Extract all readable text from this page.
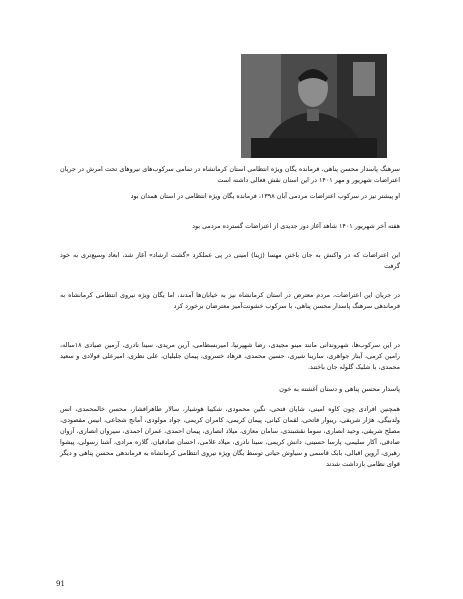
سرهنگ پاسدار محسن پناهی، فرمانده یگان ویژه انتظامی استان کرمانشاه در تمامی سرکوب‌های نیروهای تحت امرش در جریان اعتراضات شهریور و مهر ۱۴۰۱ در این استان نقش فعالی داشته است
او پیشتر نیز در سرکوب اعتراضات مردمی آبان ۱۳۹۸، فرمانده یگان ویژه انتظامی در استان همدان بود
هفته آخر شهریور ۱۴۰۱ شاهد آغاز دور جدیدی از اعتراضات گسترده مردمی بود
این اعتراضات که در واکنش به جان باختن مهسا (ژینا) امینی در پی عملکرد «گشت ارشاد» آغاز شد، ابعاد وسیع‌تری به خود گرفت
در جریان این اعتراضات، مردم معترض در استان کرمانشاه نیز به خیابان‌ها آمدند، اما یگان ویژه نیروی انتظامی کرمانشاه به فرماندهی سرهنگ پاسدار محسن پناهی، با سرکوب خشونت‌آمیز معترضان برخورد کرد
در این سرکوب‌ها، شهروندانی مانند مینو مجیدی، رضا شهپرنیا، امیربسطامی، آرین مریدی، سینا نادری، آرمین صیادی ۱۸ساله، رامین کرمی، آیناز جواهری، سارینا شیری، حسین محمدی، فرهاد خسروی، پیمان جلیلیان، علی نظری، امیرعلی فولادی و سعید محمدی، با شلیک گلوله جان باختند.
پاسدار محسن پناهی و دستان آغشته به خون
همچنین افرادی چون کاوه امینی، شایان فتحی، نگین محمودی، شکیبا هوشیار، سالار طاهرافشار، محسن خالمحمدی، انس ولدبیگی، هژار شریفی، ریبوار فاتحی، لقمان کیانی، پیمان کریمی، کامران کریمی، جواد مولودی، آمانج شجاعی، انیس مقصودی، مصلح شریفی، وحید انصاری، سوما نقشبندی، سامان معازی، میلاد انصاری، پیمان احمدی، عمران احمدی، سیروان انصاری، آزوان صادقی، آکار سلیمی، پارسا حسینی، دانش کریمی، سینا نادری، میلاد غلامی، احسان صادقیان، گلاره مرادی، آشنا رسولی، پیشوا رهبری، آروین اقبالی، بابک قاسمی و سیاوش حیاتی توسط یگان ویژه نیروی انتظامی کرمانشاه به فرماندهی محسن پناهی و دیگر قوای نظامی بازداشت شدند
91
